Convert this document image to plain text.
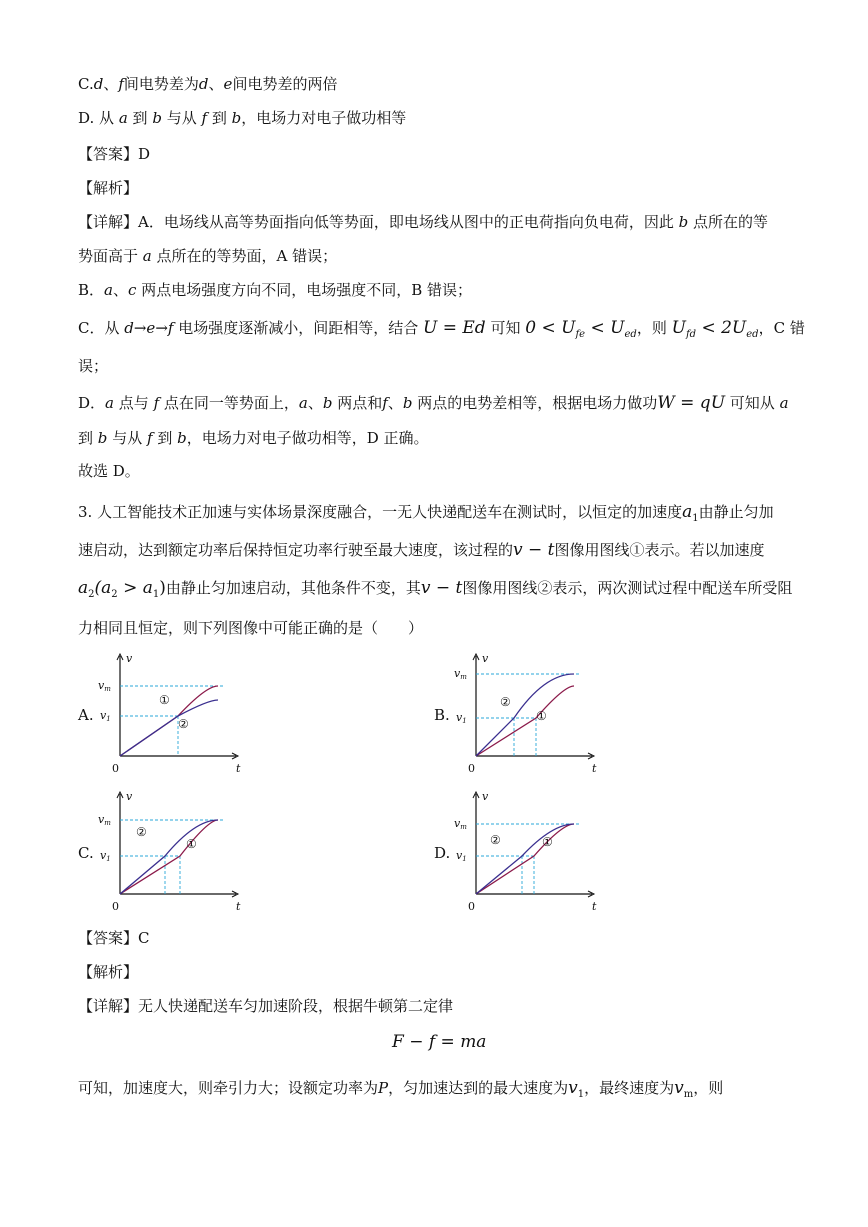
C.d、f间电势差为d、e间电势差的两倍
D. 从 a 到 b 与从 f 到 b，电场力对电子做功相等
【答案】D
【解析】
【详解】A．电场线从高等势面指向低等势面，即电场线从图中的正电荷指向负电荷，因此 b 点所在的等
势面高于 a 点所在的等势面，A 错误；
B．a、c 两点电场强度方向不同，电场强度不同，B 错误；
C．从 d→e→f 电场强度逐渐减小，间距相等，结合 U = Ed 可知 $0 < U_{fe} < U_{ed}$，则 $U_{fd} < 2U_{ed}$，C 错
误；
D．a 点与 f 点在同一等势面上，a、b 两点和f、b 两点的电势差相等，根据电场力做功W = qU 可知从 a
到 b 与从 f 到 b，电场力对电子做功相等，D 正确。
故选 D。
3. 人工智能技术正加速与实体场景深度融合，一无人快递配送车在测试时，以恒定的加速度$a_1$由静止匀加
速启动，达到额定功率后保持恒定功率行驶至最大速度，该过程的v − t图像用图线①表示。若以加速度
$a_2(a_2 > a_1)$由静止匀加速启动，其他条件不变，其v − t图像用图线②表示，两次测试过程中配送车所受阻
力相同且恒定，则下列图像中可能正确的是（　　）
A.	B.
C.	D.
v
t
0
vm
v1
①
②
v
t
0
vm
v1	①
②
v
t
0
vm
v1
①
②
v
t
0
vm
v1
①
②
【答案】C
【解析】
【详解】无人快递配送车匀加速阶段，根据牛顿第二定律
F − f = ma
可知，加速度大，则牵引力大；设额定功率为P，匀加速达到的最大速度为$v_1$，最终速度为$v_m$，则
